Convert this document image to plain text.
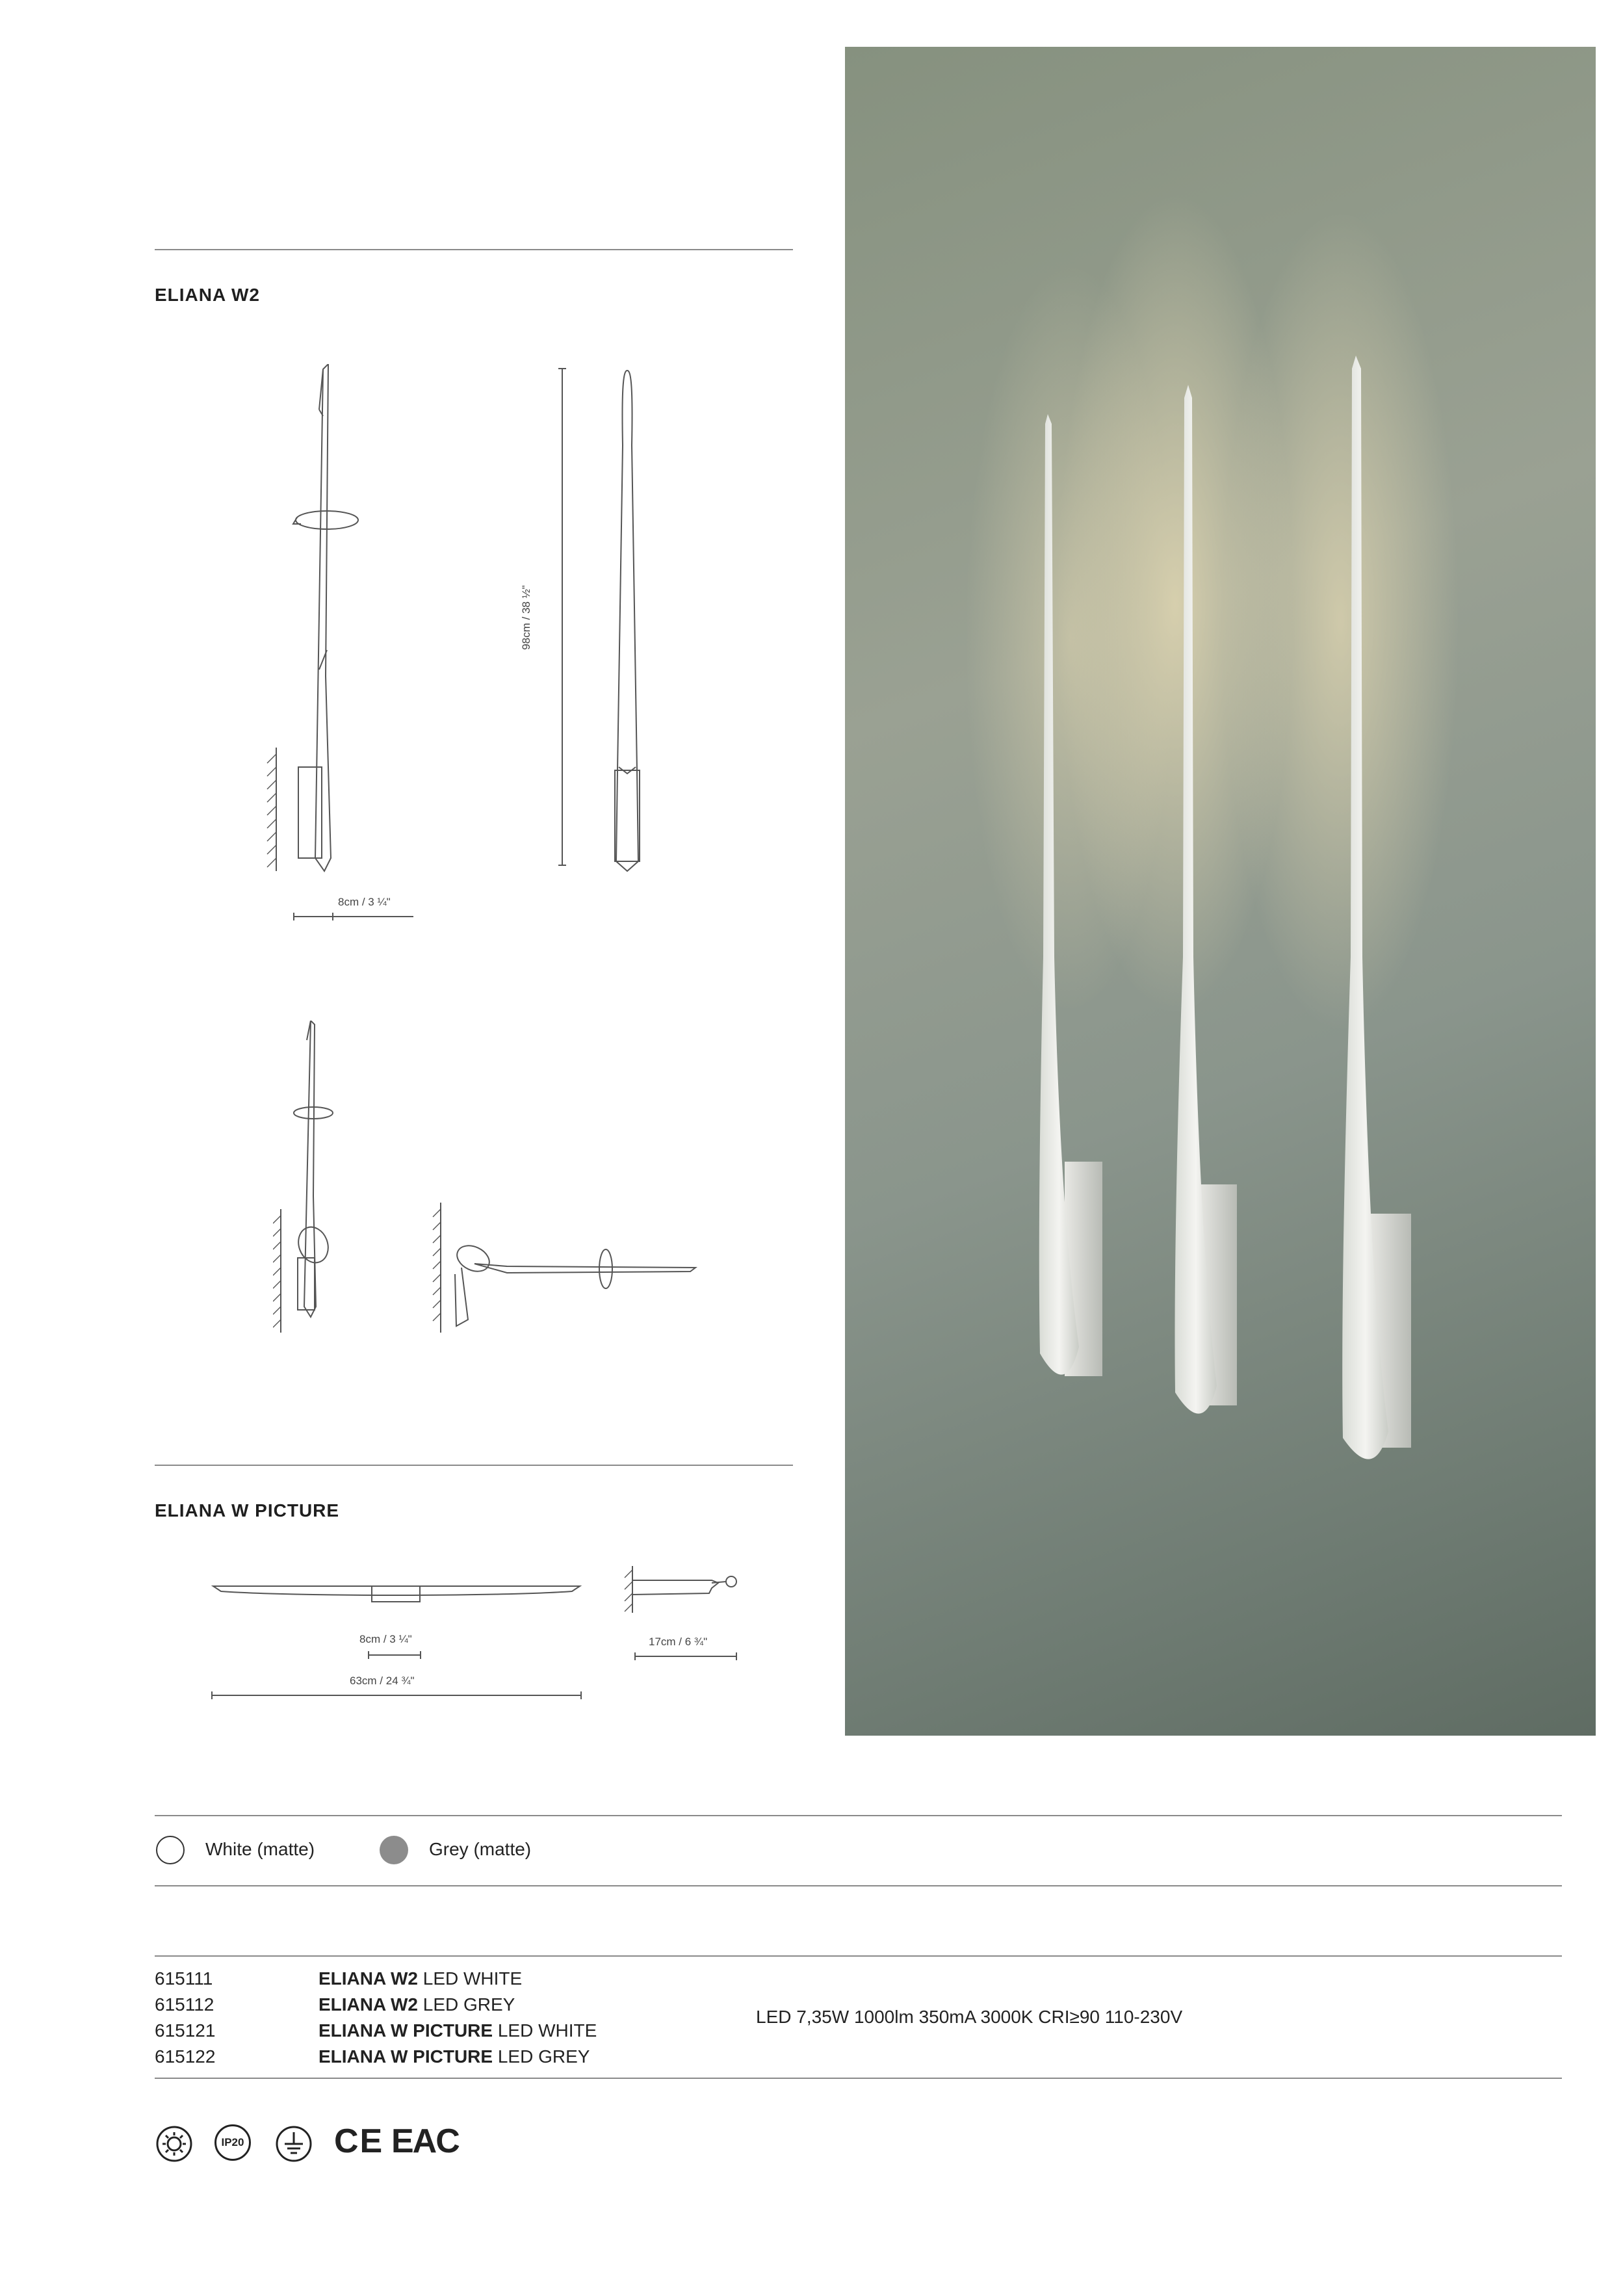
ELIANA W2
8cm / 3 ¼"
98cm / 38 ½"
ELIANA W PICTURE
8cm / 3 ¼"
63cm / 24 ¾"
17cm / 6 ¾"
White (matte)	Grey (matte)
615111	ELIANA W2 LED WHITE
615112	ELIANA W2 LED GREY
615121	ELIANA W PICTURE LED WHITE
615122	ELIANA W PICTURE LED GREY
LED 7,35W 1000lm 350mA 3000K CRI≥90 110-230V
IP20	CE EAC
